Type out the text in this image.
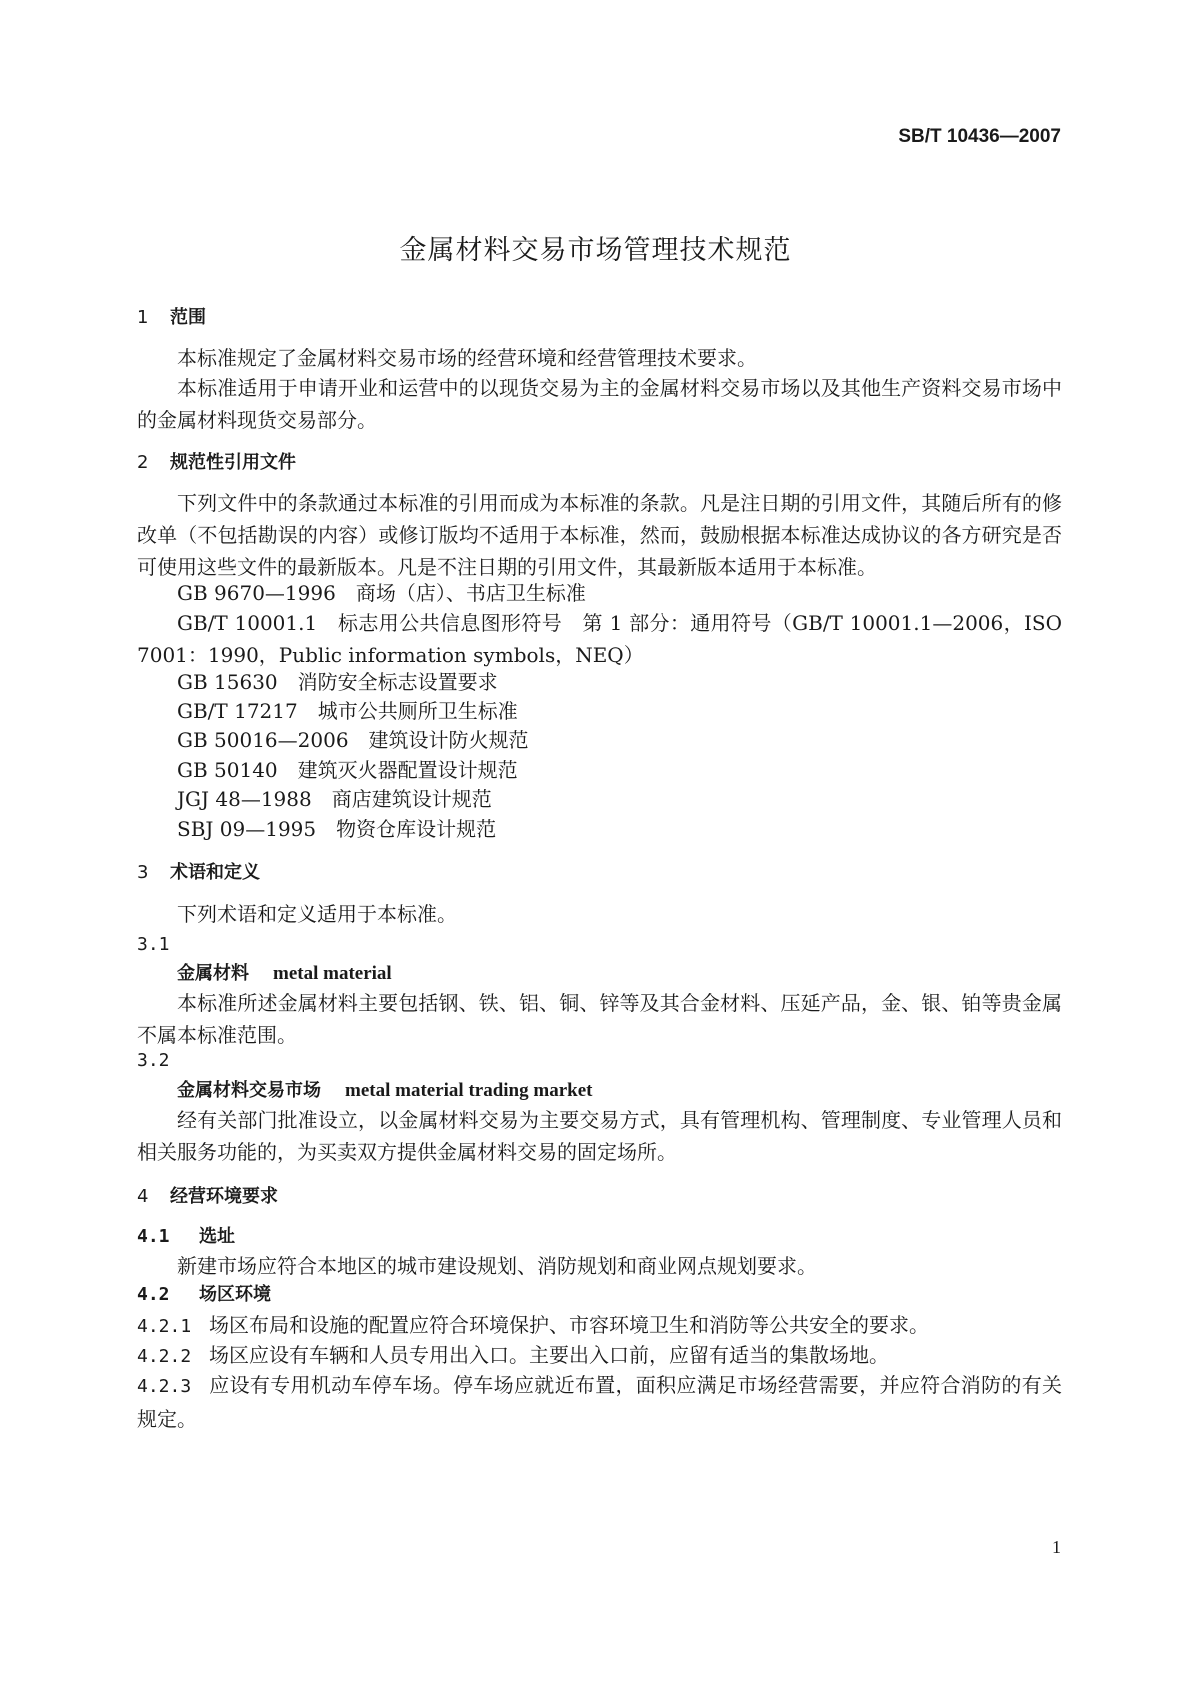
SB/T 10436—2007
金属材料交易市场管理技术规范
1 范围
本标准规定了金属材料交易市场的经营环境和经营管理技术要求。
本标准适用于申请开业和运营中的以现货交易为主的金属材料交易市场以及其他生产资料交易市场中的金属材料现货交易部分。
2 规范性引用文件
下列文件中的条款通过本标准的引用而成为本标准的条款。凡是注日期的引用文件，其随后所有的修改单（不包括勘误的内容）或修订版均不适用于本标准，然而，鼓励根据本标准达成协议的各方研究是否可使用这些文件的最新版本。凡是不注日期的引用文件，其最新版本适用于本标准。
GB 9670—1996　商场（店）、书店卫生标准
GB/T 10001.1　标志用公共信息图形符号　第 1 部分：通用符号（GB/T 10001.1—2006，ISO 7001：1990，Public information symbols，NEQ）
GB 15630　消防安全标志设置要求
GB/T 17217　城市公共厕所卫生标准
GB 50016—2006　建筑设计防火规范
GB 50140　建筑灭火器配置设计规范
JGJ 48—1988　商店建筑设计规范
SBJ 09—1995　物资仓库设计规范
3 术语和定义
下列术语和定义适用于本标准。
3.1
金属材料 metal material
本标准所述金属材料主要包括钢、铁、铝、铜、锌等及其合金材料、压延产品，金、银、铂等贵金属不属本标准范围。
3.2
金属材料交易市场 metal material trading market
经有关部门批准设立，以金属材料交易为主要交易方式，具有管理机构、管理制度、专业管理人员和相关服务功能的，为买卖双方提供金属材料交易的固定场所。
4 经营环境要求
4.1 选址
新建市场应符合本地区的城市建设规划、消防规划和商业网点规划要求。
4.2 场区环境
4.2.1 场区布局和设施的配置应符合环境保护、市容环境卫生和消防等公共安全的要求。
4.2.2 场区应设有车辆和人员专用出入口。主要出入口前，应留有适当的集散场地。
4.2.3 应设有专用机动车停车场。停车场应就近布置，面积应满足市场经营需要，并应符合消防的有关规定。
1
